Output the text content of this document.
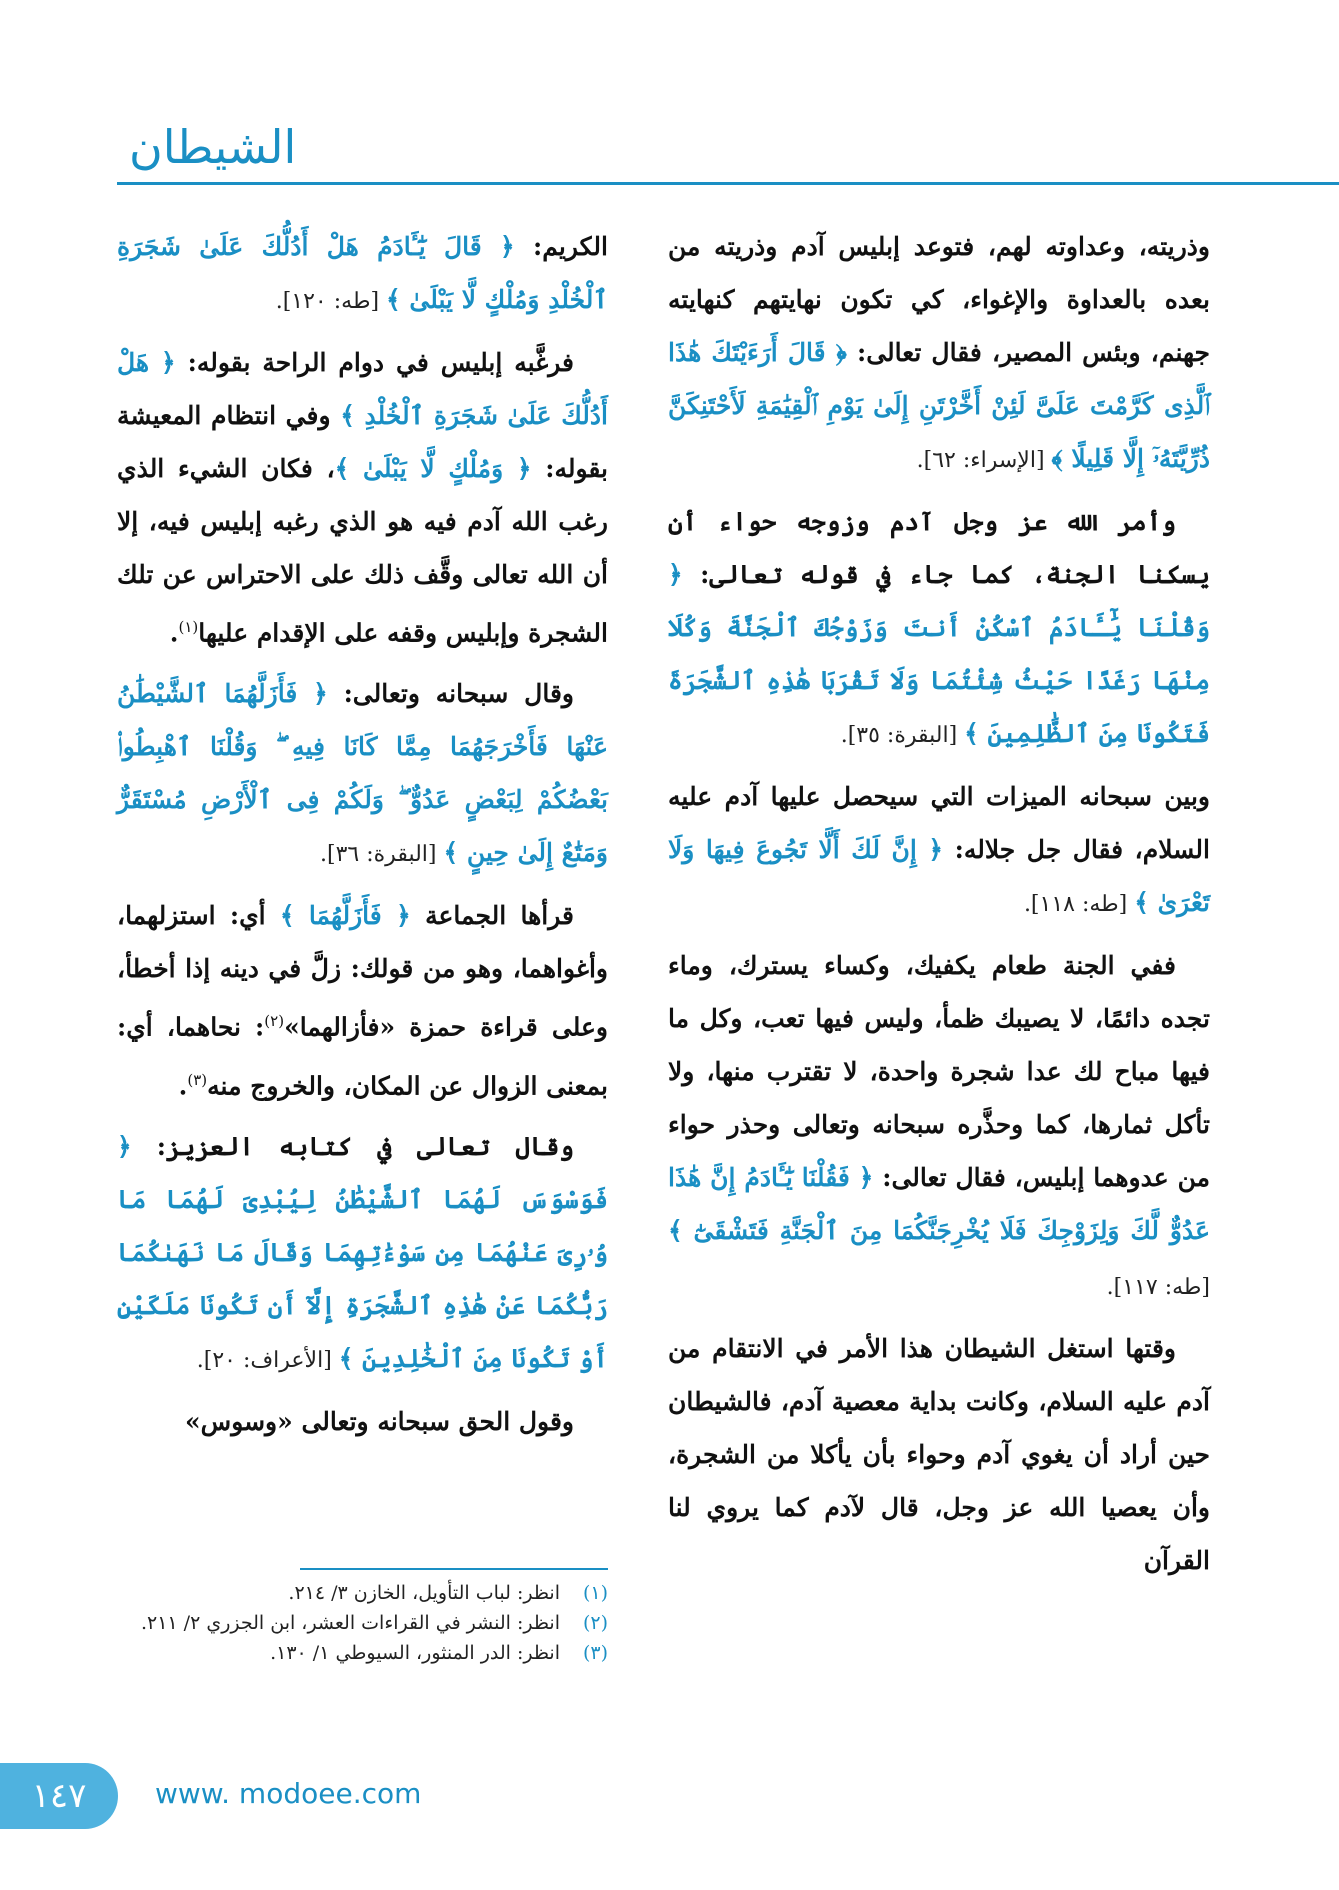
الشيطان

وذريته، وعداوته لهم، فتوعد إبليس آدم وذريته من بعده بالعداوة والإغواء، كي تكون نهايتهم كنهايته جهنم، وبئس المصير، فقال تعالى: ﴿ قَالَ أَرَءَيْتَكَ هَٰذَا ٱلَّذِى كَرَّمْتَ عَلَىَّ لَئِنْ أَخَّرْتَنِ إِلَىٰ يَوْمِ ٱلْقِيَٰمَةِ لَأَحْتَنِكَنَّ ذُرِّيَّتَهُۥٓ إِلَّا قَلِيلًا ﴾ [الإسراء: ٦٢].

وأمر الله عز وجل آدم وزوجه حواء أن يسكنا الجنة، كما جاء في قوله تعالى: ﴿ وَقُلْنَا يَٰٓـَٔادَمُ ٱسْكُنْ أَنتَ وَزَوْجُكَ ٱلْجَنَّةَ وَكُلَا مِنْهَا رَغَدًا حَيْثُ شِئْتُمَا وَلَا تَقْرَبَا هَٰذِهِ ٱلشَّجَرَةَ فَتَكُونَا مِنَ ٱلظَّٰلِمِينَ ﴾ [البقرة: ٣٥].

وبين سبحانه الميزات التي سيحصل عليها آدم عليه السلام، فقال جل جلاله: ﴿ إِنَّ لَكَ أَلَّا تَجُوعَ فِيهَا وَلَا تَعْرَىٰ ﴾ [طه: ١١٨].

ففي الجنة طعام يكفيك، وكساء يسترك، وماء تجده دائمًا، لا يصيبك ظمأ، وليس فيها تعب، وكل ما فيها مباح لك عدا شجرة واحدة، لا تقترب منها، ولا تأكل ثمارها، كما وحذَّره سبحانه وتعالى وحذر حواء من عدوهما إبليس، فقال تعالى: ﴿ فَقُلْنَا يَٰٓـَٔادَمُ إِنَّ هَٰذَا عَدُوٌّ لَّكَ وَلِزَوْجِكَ فَلَا يُخْرِجَنَّكُمَا مِنَ ٱلْجَنَّةِ فَتَشْقَىٰٓ ﴾ [طه: ١١٧].

وقتها استغل الشيطان هذا الأمر في الانتقام من آدم عليه السلام، وكانت بداية معصية آدم، فالشيطان حين أراد أن يغوي آدم وحواء بأن يأكلا من الشجرة، وأن يعصيا الله عز وجل، قال لآدم كما يروي لنا القرآن

الكريم: ﴿ قَالَ يَٰٓـَٔادَمُ هَلْ أَدُلُّكَ عَلَىٰ شَجَرَةِ ٱلْخُلْدِ وَمُلْكٍ لَّا يَبْلَىٰ ﴾ [طه: ١٢٠].

فرغَّبه إبليس في دوام الراحة بقوله: ﴿ هَلْ أَدُلُّكَ عَلَىٰ شَجَرَةِ ٱلْخُلْدِ ﴾ وفي انتظام المعيشة بقوله: ﴿ وَمُلْكٍ لَّا يَبْلَىٰ ﴾، فكان الشيء الذي رغب الله آدم فيه هو الذي رغبه إبليس فيه، إلا أن الله تعالى وقَّف ذلك على الاحتراس عن تلك الشجرة وإبليس وقفه على الإقدام عليها$^{(١)}$.

وقال سبحانه وتعالى: ﴿ فَأَزَلَّهُمَا ٱلشَّيْطَٰنُ عَنْهَا فَأَخْرَجَهُمَا مِمَّا كَانَا فِيهِ ۖ وَقُلْنَا ٱهْبِطُوا۟ بَعْضُكُمْ لِبَعْضٍ عَدُوٌّ ۖ وَلَكُمْ فِى ٱلْأَرْضِ مُسْتَقَرٌّ وَمَتَٰعٌ إِلَىٰ حِينٍ ﴾ [البقرة: ٣٦].

قرأها الجماعة ﴿ فَأَزَلَّهُمَا ﴾ أي: استزلهما، وأغواهما، وهو من قولك: زلَّ في دينه إذا أخطأ، وعلى قراءة حمزة «فأزالهما»$^{(٢)}$: نحاهما، أي: بمعنى الزوال عن المكان، والخروج منه$^{(٣)}$.

وقال تعالى في كتابه العزيز: ﴿ فَوَسْوَسَ لَهُمَا ٱلشَّيْطَٰنُ لِيُبْدِىَ لَهُمَا مَا وُۥرِىَ عَنْهُمَا مِن سَوْءَٰتِهِمَا وَقَالَ مَا نَهَىٰكُمَا رَبُّكُمَا عَنْ هَٰذِهِ ٱلشَّجَرَةِ إِلَّآ أَن تَكُونَا مَلَكَيْنِ أَوْ تَكُونَا مِنَ ٱلْخَٰلِدِينَ ﴾ [الأعراف: ٢٠].

وقول الحق سبحانه وتعالى «وسوس»

(١)
انظر: لباب التأويل، الخازن ٣/ ٢١٤.
(٢)
انظر: النشر في القراءات العشر، ابن الجزري ٢/ ٢١١.
(٣)
انظر: الدر المنثور، السيوطي ١/ ١٣٠.
١٤٧ www. modoee.com
